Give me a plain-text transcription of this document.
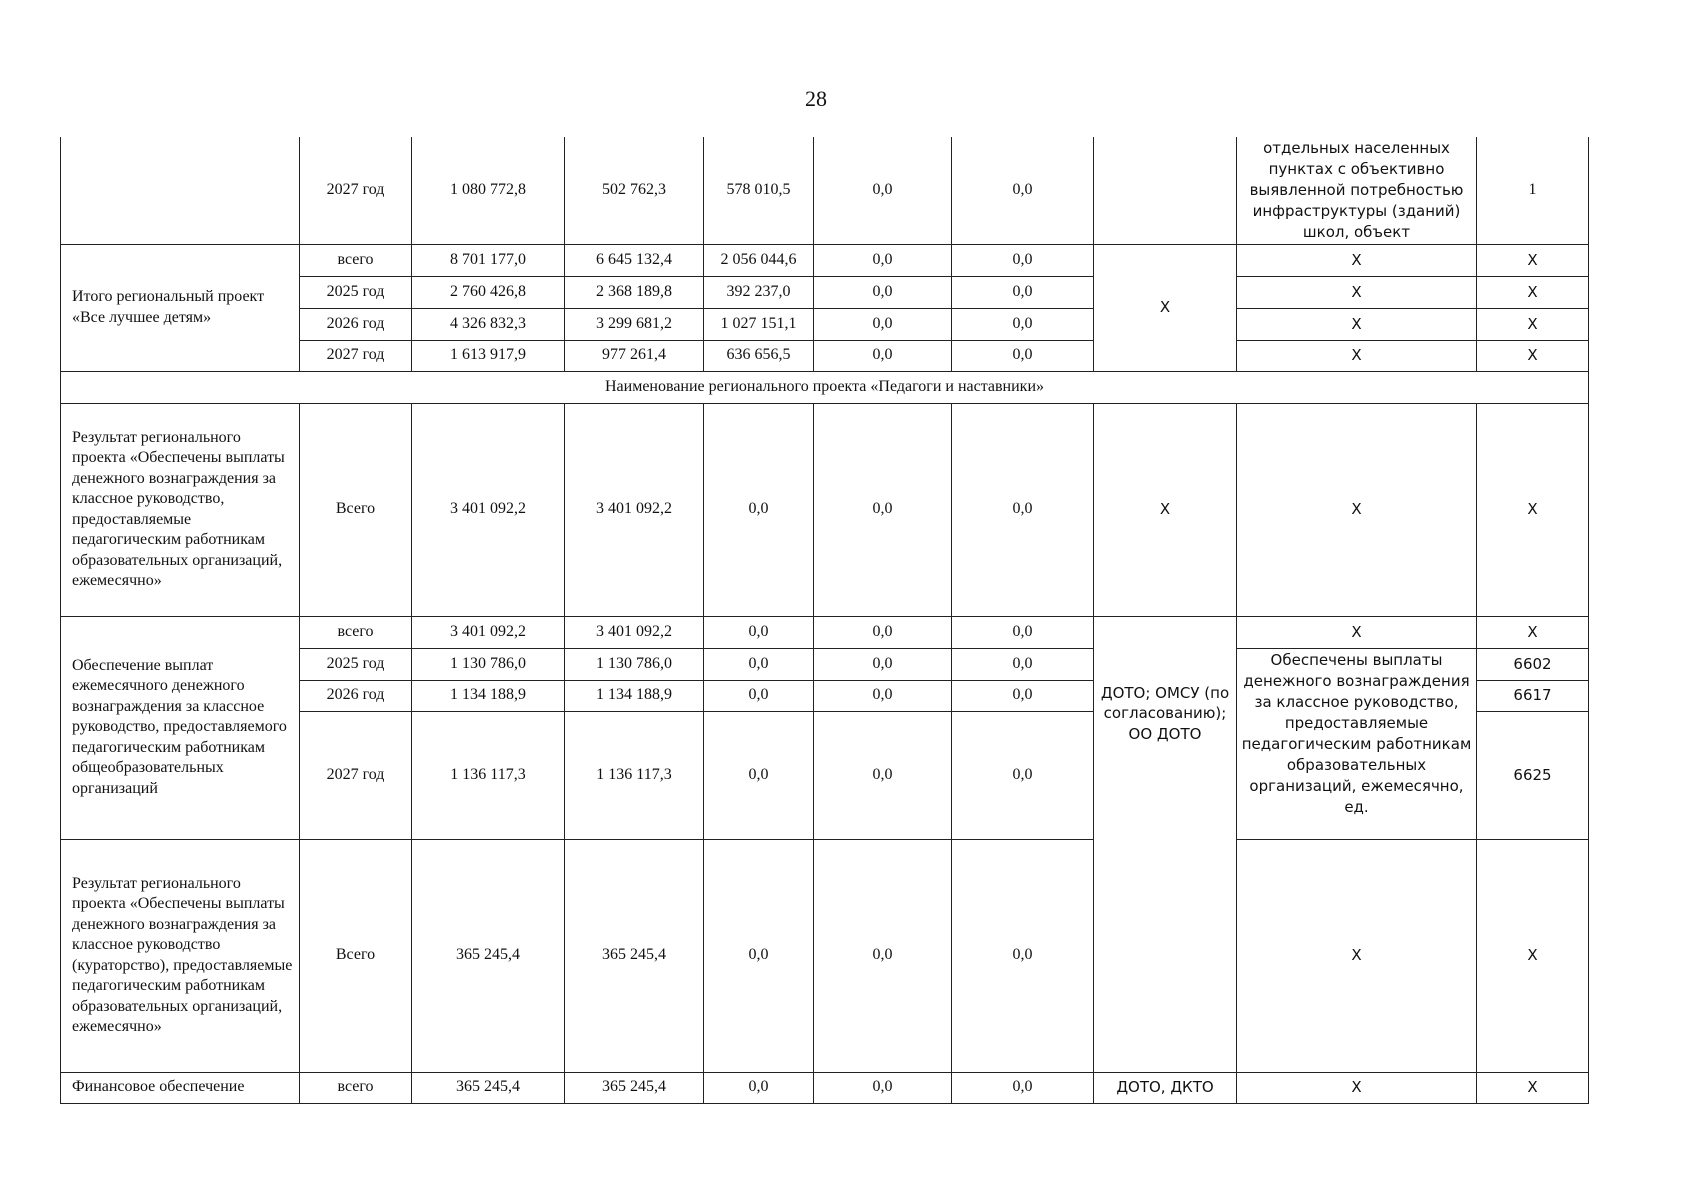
28
	2027 год	1 080 772,8	502 762,3	578 010,5	0,0	0,0		отдельных населенных пунктах с объективно выявленной потребностью инфраструктуры (зданий) школ, объект	1
Итого региональный проект «Все лучшее детям»	всего	8 701 177,0	6 645 132,4	2 056 044,6	0,0	0,0	X	X	X
	2025 год	2 760 426,8	2 368 189,8	392 237,0	0,0	0,0		X	X
	2026 год	4 326 832,3	3 299 681,2	1 027 151,1	0,0	0,0		X	X
	2027 год	1 613 917,9	977 261,4	636 656,5	0,0	0,0		X	X
Наименование регионального проекта «Педагоги и наставники»									
Результат регионального проекта «Обеспечены выплаты денежного вознаграждения за классное руководство, предоставляемые педагогическим работникам образовательных организаций, ежемесячно»	Всего	3 401 092,2	3 401 092,2	0,0	0,0	0,0	X	X	X
Обеспечение выплат ежемесячного денежного вознаграждения за классное руководство, предоставляемого педагогическим работникам общеобразовательных организаций	всего	3 401 092,2	3 401 092,2	0,0	0,0	0,0	ДОТО; ОМСУ (по согласованию); ОО ДОТО	X	X
	2025 год	1 130 786,0	1 130 786,0	0,0	0,0	0,0		Обеспечены выплаты денежного вознаграждения за классное руководство, предоставляемые педагогическим работникам образовательных организаций, ежемесячно, ед.	6602
	2026 год	1 134 188,9	1 134 188,9	0,0	0,0	0,0			6617
	2027 год	1 136 117,3	1 136 117,3	0,0	0,0	0,0			6625
Результат регионального проекта «Обеспечены выплаты денежного вознаграждения за классное руководство (кураторство), предоставляемые педагогическим работникам образовательных организаций, ежемесячно»	Всего	365 245,4	365 245,4	0,0	0,0	0,0		X	X
Финансовое обеспечение	всего	365 245,4	365 245,4	0,0	0,0	0,0	ДОТО, ДКТО	X	X
